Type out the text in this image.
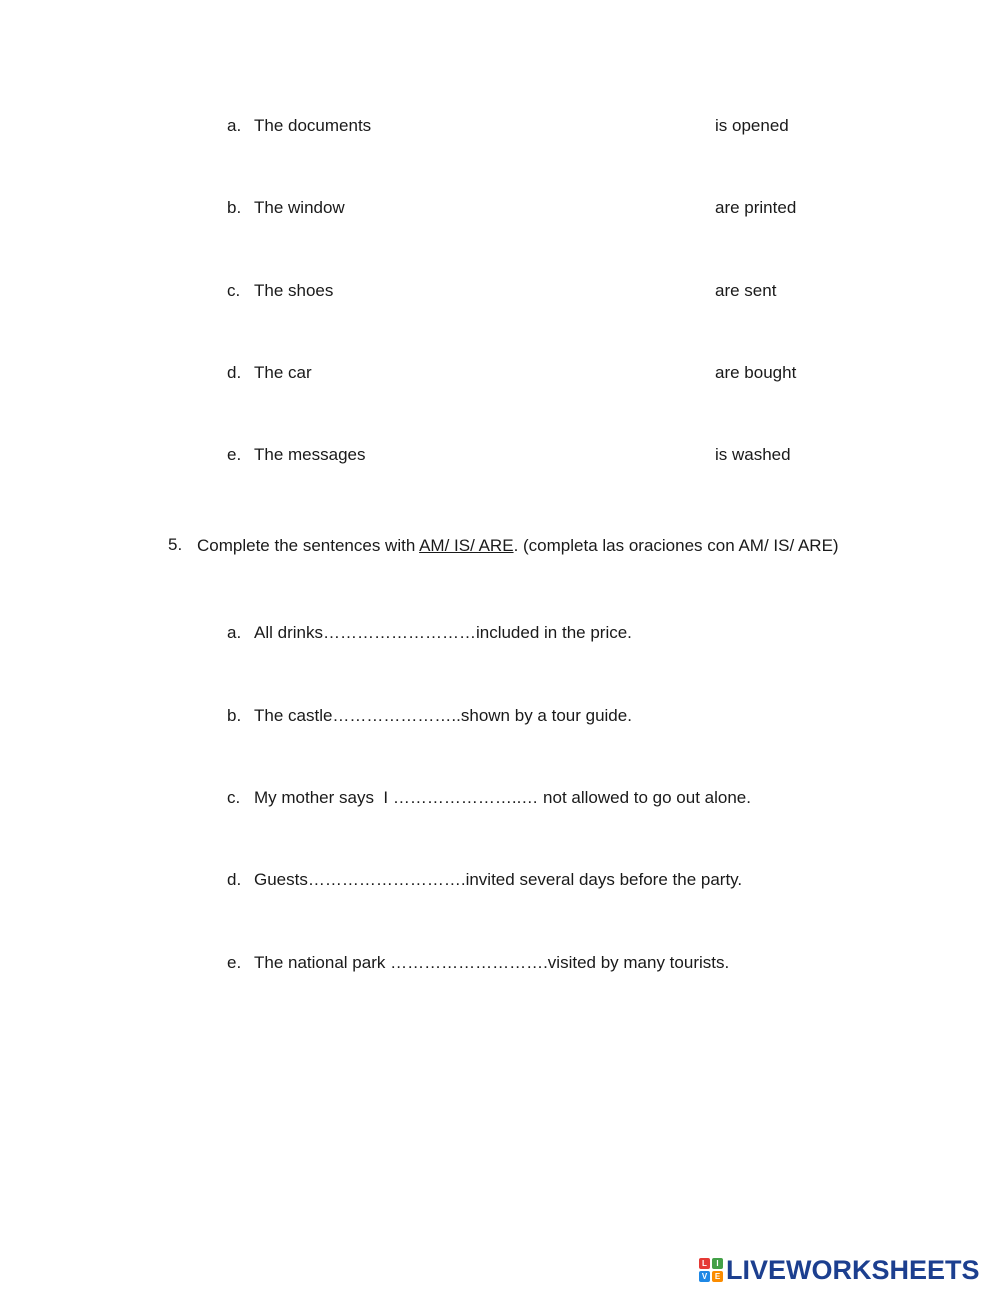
a. The documents	is opened
b. The window	are printed
c. The shoes	are sent
d. The car	are bought
e. The messages	is washed
5. Complete the sentences with AM/ IS/ ARE. (completa las oraciones con AM/ IS/ ARE)
a. All drinks………………………included in the price.
b. The castle…………………..shown by a tour guide.
c. My mother says  I …………………..… not allowed to go out alone.
d. Guests……………………….invited several days before the party.
e. The national park ……………………….visited by many tourists.
L	I
V E LIVEWORKSHEETS
